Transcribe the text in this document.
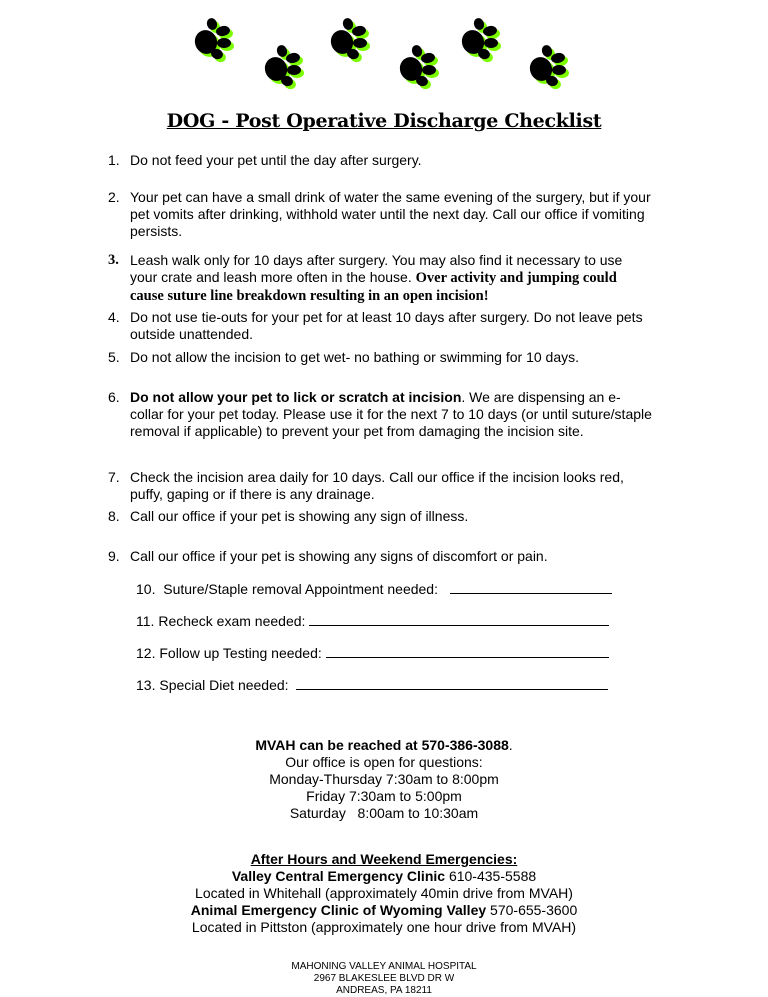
DOG - Post Operative Discharge Checklist
1. Do not feed your pet until the day after surgery.
2. Your pet can have a small drink of water the same evening of the surgery, but if your pet vomits after drinking, withhold water until the next day. Call our office if vomiting persists.
3. Leash walk only for 10 days after surgery. You may also find it necessary to use your crate and leash more often in the house. Over activity and jumping could cause suture line breakdown resulting in an open incision!
4. Do not use tie-outs for your pet for at least 10 days after surgery. Do not leave pets outside unattended.
5. Do not allow the incision to get wet- no bathing or swimming for 10 days.
6. Do not allow your pet to lick or scratch at incision. We are dispensing an e-collar for your pet today. Please use it for the next 7 to 10 days (or until suture/staple removal if applicable) to prevent your pet from damaging the incision site.
7. Check the incision area daily for 10 days. Call our office if the incision looks red, puffy, gaping or if there is any drainage.
8. Call our office if your pet is showing any sign of illness.
9. Call our office if your pet is showing any signs of discomfort or pain.
10. Suture/Staple removal Appointment needed:
11. Recheck exam needed:
12. Follow up Testing needed:
13. Special Diet needed:
MVAH can be reached at 570-386-3088.
Our office is open for questions:
Monday-Thursday 7:30am to 8:00pm
Friday 7:30am to 5:00pm
Saturday   8:00am to 10:30am
After Hours and Weekend Emergencies:
Valley Central Emergency Clinic 610-435-5588
Located in Whitehall (approximately 40min drive from MVAH)
Animal Emergency Clinic of Wyoming Valley 570-655-3600
Located in Pittston (approximately one hour drive from MVAH)
MAHONING VALLEY ANIMAL HOSPITAL
2967 BLAKESLEE BLVD DR W
ANDREAS, PA 18211
